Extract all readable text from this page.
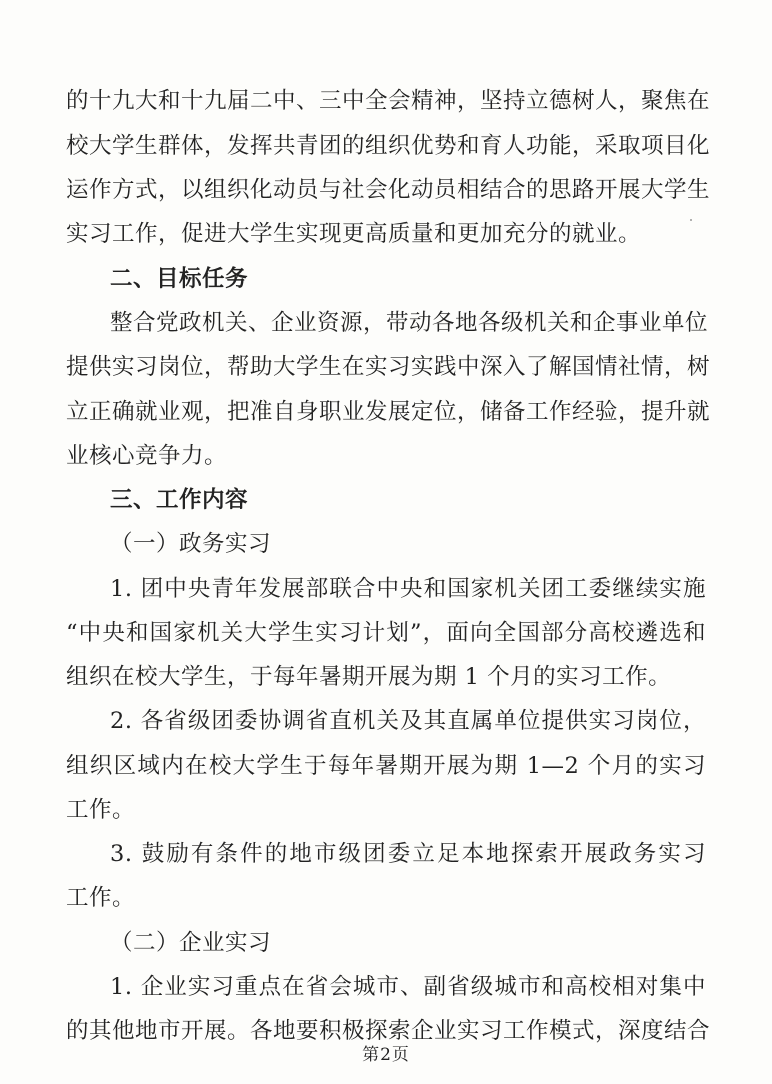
的十九大和十九届二中、三中全会精神，坚持立德树人，聚焦在
校大学生群体，发挥共青团的组织优势和育人功能，采取项目化
运作方式，以组织化动员与社会化动员相结合的思路开展大学生
实习工作，促进大学生实现更高质量和更加充分的就业。
二、目标任务
整合党政机关、企业资源，带动各地各级机关和企事业单位
提供实习岗位，帮助大学生在实习实践中深入了解国情社情，树
立正确就业观，把准自身职业发展定位，储备工作经验，提升就
业核心竞争力。
三、工作内容
（一）政务实习
1. 团中央青年发展部联合中央和国家机关团工委继续实施
“中央和国家机关大学生实习计划”，面向全国部分高校遴选和
组织在校大学生，于每年暑期开展为期 1 个月的实习工作。
2. 各省级团委协调省直机关及其直属单位提供实习岗位，
组织区域内在校大学生于每年暑期开展为期 1—2 个月的实习
工作。
3. 鼓励有条件的地市级团委立足本地探索开展政务实习
工作。
（二）企业实习
1. 企业实习重点在省会城市、副省级城市和高校相对集中
的其他地市开展。各地要积极探索企业实习工作模式，深度结合
第2页
